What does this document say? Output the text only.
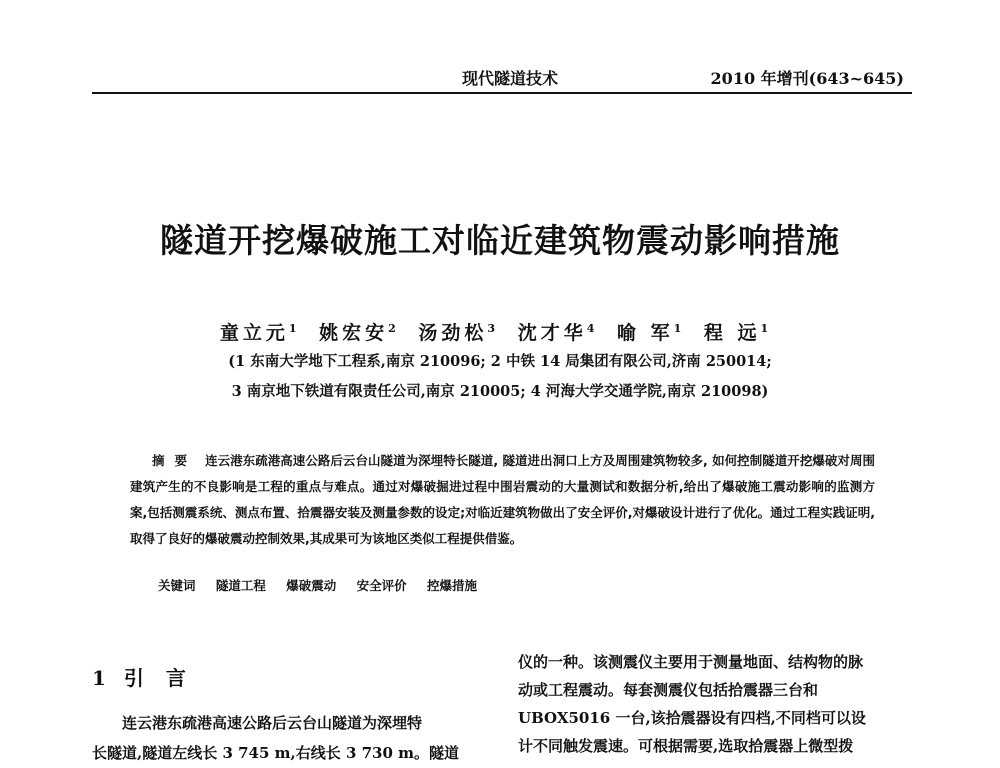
现代隧道技术	2010 年增刊(643~645)
隧道开挖爆破施工对临近建筑物震动影响措施
童立元$^1$ 姚宏安$^2$ 汤劲松$^3$ 沈才华$^4$ 喻 军$^1$ 程 远$^1$
(1 东南大学地下工程系,南京 210096; 2 中铁 14 局集团有限公司,济南 250014;
3 南京地下铁道有限责任公司,南京 210005; 4 河海大学交通学院,南京 210098)
摘要 连云港东疏港高速公路后云台山隧道为深埋特长隧道, 隧道进出洞口上方及周围建筑物较多, 如何控制隧道开挖爆破对周围建筑产生的不良影响是工程的重点与难点。通过对爆破掘进过程中围岩震动的大量测试和数据分析,给出了爆破施工震动影响的监测方案,包括测震系统、测点布置、拾震器安装及测量参数的设定;对临近建筑物做出了安全评价,对爆破设计进行了优化。通过工程实践证明,取得了良好的爆破震动控制效果,其成果可为该地区类似工程提供借鉴。
关键词 隧道工程 爆破震动 安全评价 控爆措施
1 引言
连云港东疏港高速公路后云台山隧道为深埋特
长隧道,隧道左线长 3 745 m,右线长 3 730 m。隧道
仪的一种。该测震仪主要用于测量地面、结构物的脉
动或工程震动。每套测震仪包括拾震器三台和
UBOX5016 一台,该拾震器设有四档,不同档可以设
计不同触发震速。可根据需要,选取拾震器上微型拨
